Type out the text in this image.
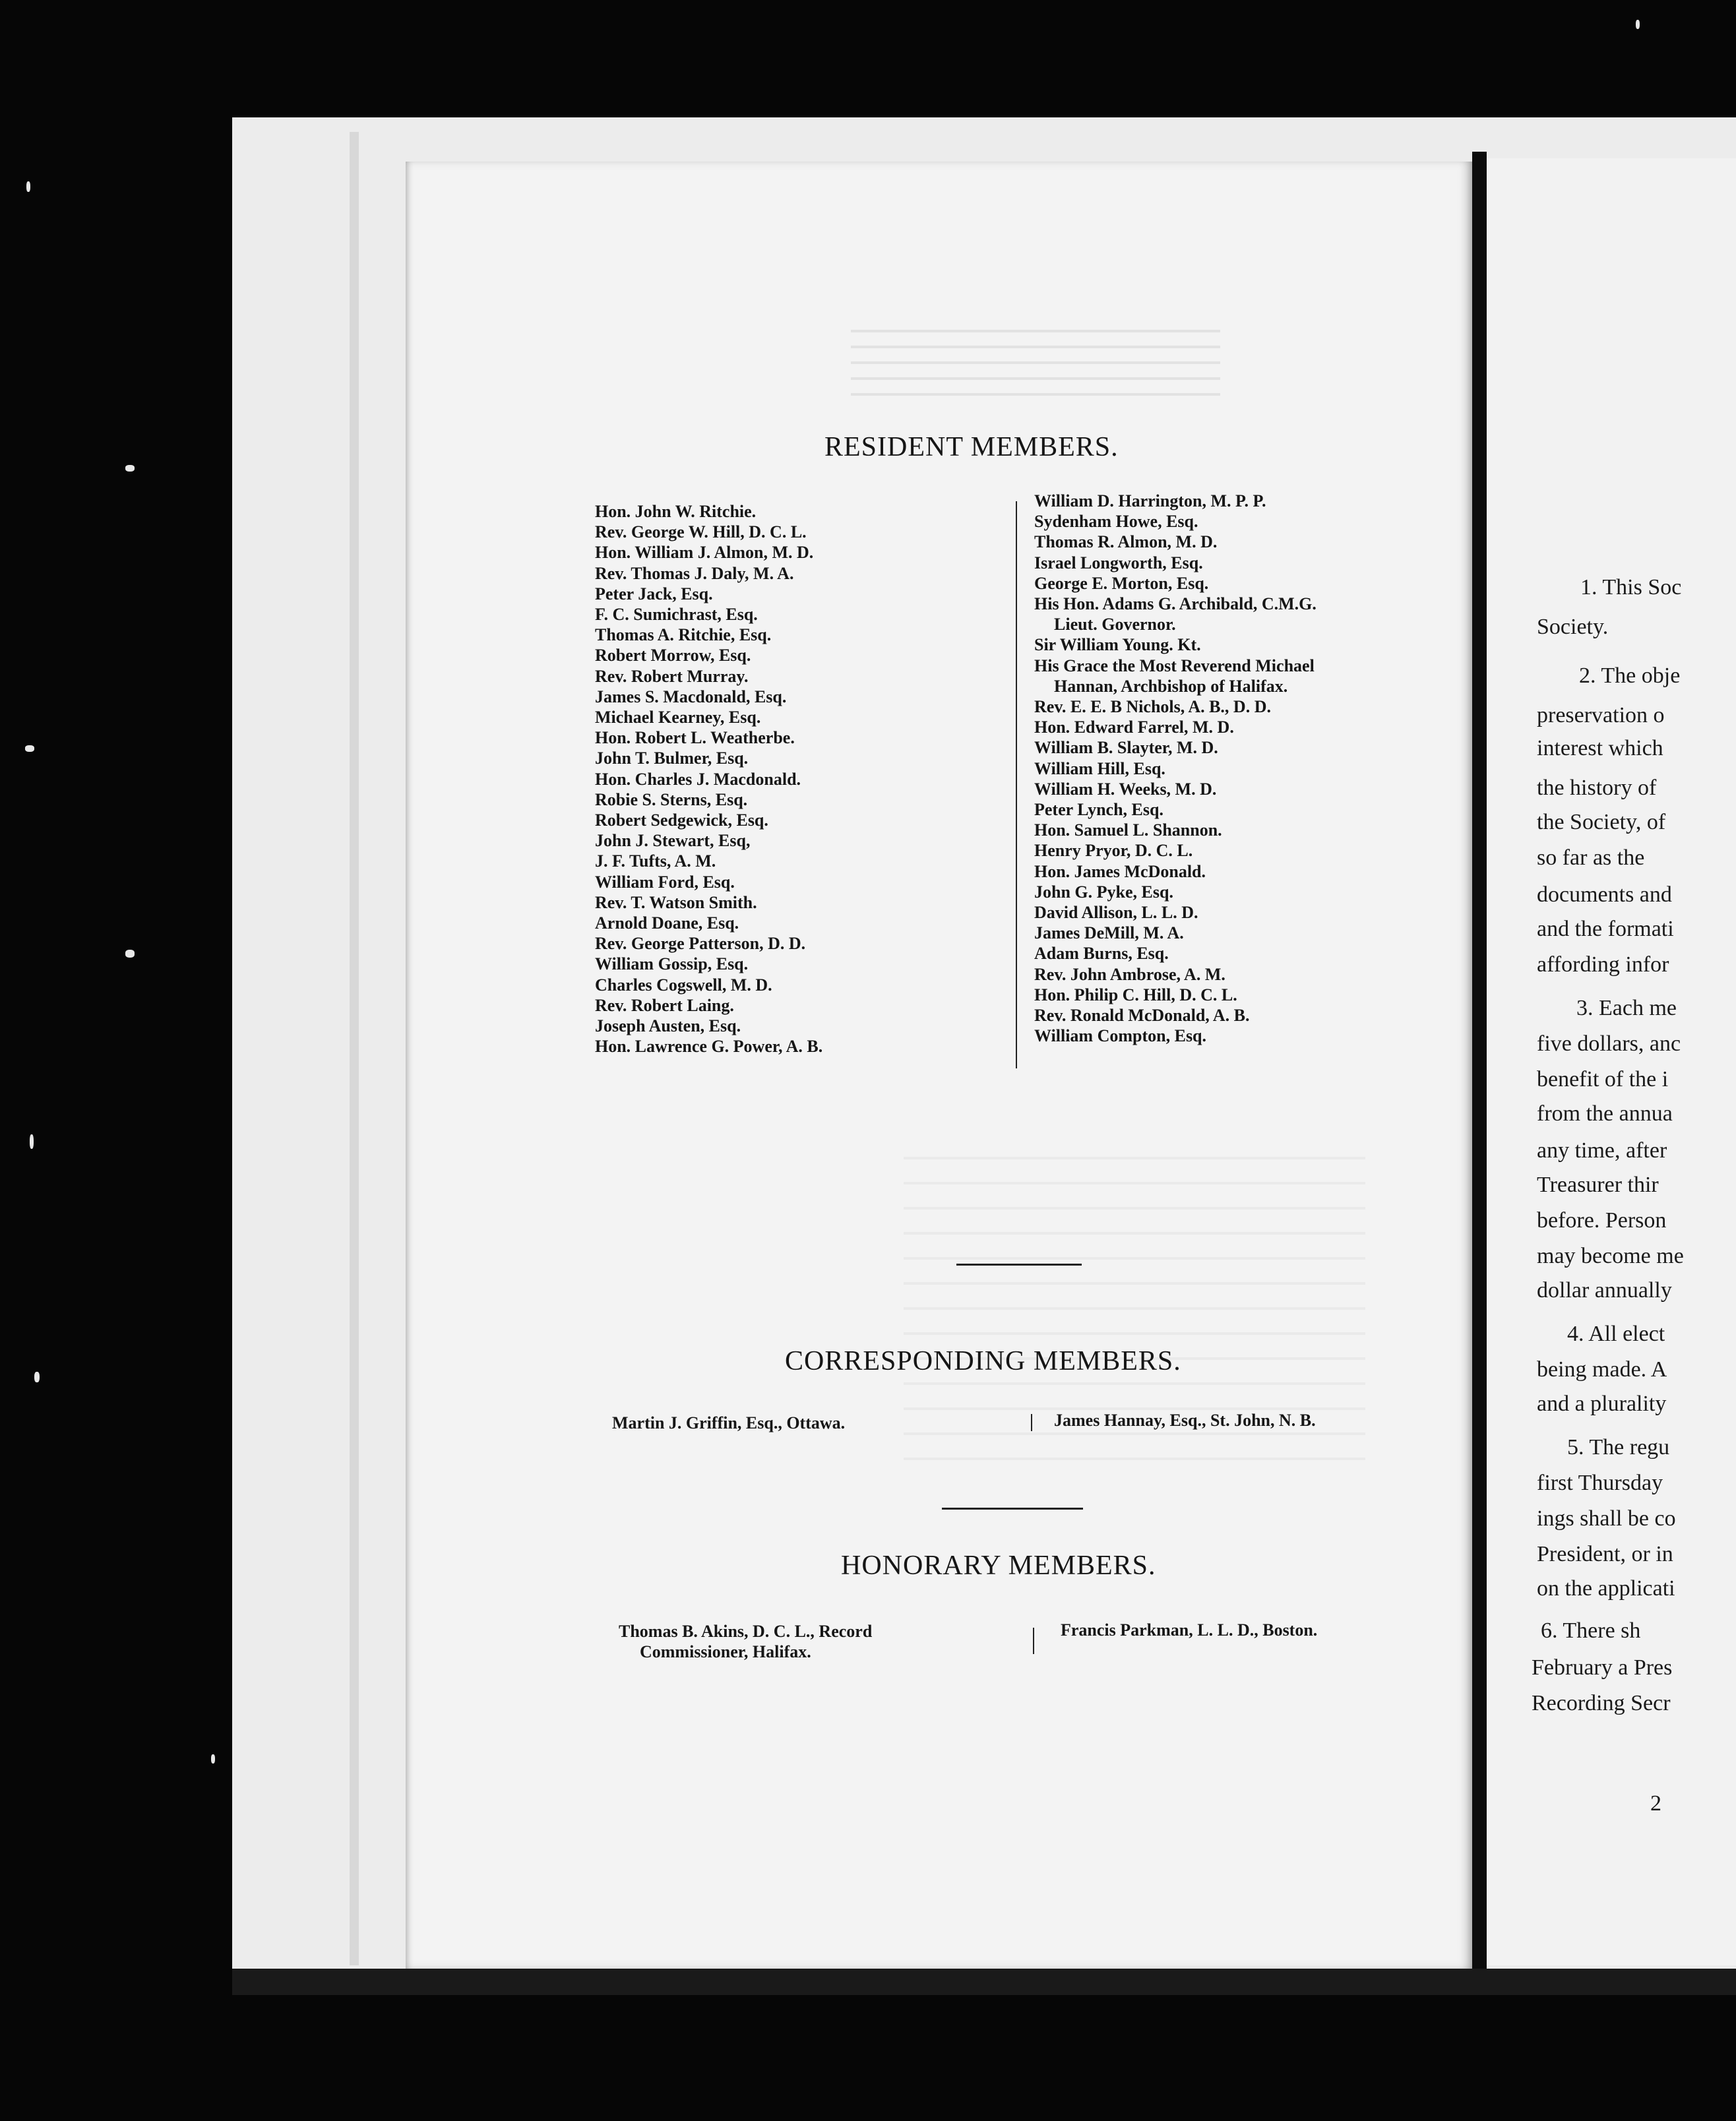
RESIDENT MEMBERS.
Hon. John W. Ritchie.
Rev. George W. Hill, D. C. L.
Hon. William J. Almon, M. D.
Rev. Thomas J. Daly, M. A.
Peter Jack, Esq.
F. C. Sumichrast, Esq.
Thomas A. Ritchie, Esq.
Robert Morrow, Esq.
Rev. Robert Murray.
James S. Macdonald, Esq.
Michael Kearney, Esq.
Hon. Robert L. Weatherbe.
John T. Bulmer, Esq.
Hon. Charles J. Macdonald.
Robie S. Sterns, Esq.
Robert Sedgewick, Esq.
John J. Stewart, Esq,
J. F. Tufts, A. M.
William Ford, Esq.
Rev. T. Watson Smith.
Arnold Doane, Esq.
Rev. George Patterson, D. D.
William Gossip, Esq.
Charles Cogswell, M. D.
Rev. Robert Laing.
Joseph Austen, Esq.
Hon. Lawrence G. Power, A. B.
William D. Harrington, M. P. P.
Sydenham Howe, Esq.
Thomas R. Almon, M. D.
Israel Longworth, Esq.
George E. Morton, Esq.
His Hon. Adams G. Archibald, C.M.G.
Lieut. Governor.
Sir William Young. Kt.
His Grace the Most Reverend Michael
Hannan, Archbishop of Halifax.
Rev. E. E. B Nichols, A. B., D. D.
Hon. Edward Farrel, M. D.
William B. Slayter, M. D.
William Hill, Esq.
William H. Weeks, M. D.
Peter Lynch, Esq.
Hon. Samuel L. Shannon.
Henry Pryor, D. C. L.
Hon. James McDonald.
John G. Pyke, Esq.
David Allison, L. L. D.
James DeMill, M. A.
Adam Burns, Esq.
Rev. John Ambrose, A. M.
Hon. Philip C. Hill, D. C. L.
Rev. Ronald McDonald, A. B.
William Compton, Esq.
CORRESPONDING MEMBERS.
Martin J. Griffin, Esq., Ottawa.	James Hannay, Esq., St. John, N. B.
HONORARY MEMBERS.
Thomas B. Akins, D. C. L., Record
Commissioner, Halifax.
Francis Parkman, L. L. D., Boston.
1. This Soc
Society.
2. The obje
preservation o
interest which
the history of
the Society, of
so far as the
documents and
and the formati
affording infor
3. Each me
five dollars, anc
benefit of the i
from the annua
any time, after
Treasurer thir
before. Person
may become me
dollar annually
4. All elect
being made. A
and a plurality
5. The regu
first Thursday
ings shall be co
President, or in
on the applicati
6. There sh
February a Pres
Recording Secr
2
